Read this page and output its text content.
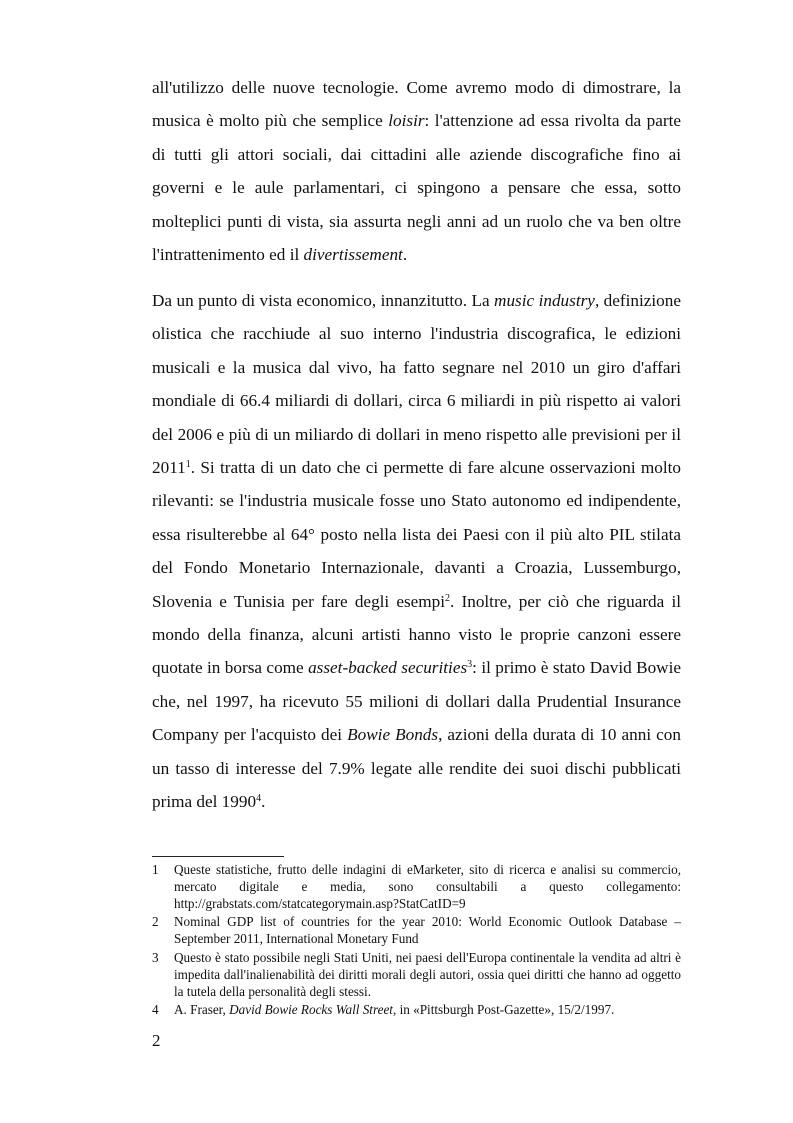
all'utilizzo delle nuove tecnologie. Come avremo modo di dimostrare, la musica è molto più che semplice loisir: l'attenzione ad essa rivolta da parte di tutti gli attori sociali, dai cittadini alle aziende discografiche fino ai governi e le aule parlamentari, ci spingono a pensare che essa, sotto molteplici punti di vista, sia assurta negli anni ad un ruolo che va ben oltre l'intrattenimento ed il divertissement.

Da un punto di vista economico, innanzitutto. La music industry, definizione olistica che racchiude al suo interno l'industria discografica, le edizioni musicali e la musica dal vivo, ha fatto segnare nel 2010 un giro d'affari mondiale di 66.4 miliardi di dollari, circa 6 miliardi in più rispetto ai valori del 2006 e più di un miliardo di dollari in meno rispetto alle previsioni per il 2011$^1$. Si tratta di un dato che ci permette di fare alcune osservazioni molto rilevanti: se l'industria musicale fosse uno Stato autonomo ed indipendente, essa risulterebbe al 64° posto nella lista dei Paesi con il più alto PIL stilata del Fondo Monetario Internazionale, davanti a Croazia, Lussemburgo, Slovenia e Tunisia per fare degli esempi$^2$. Inoltre, per ciò che riguarda il mondo della finanza, alcuni artisti hanno visto le proprie canzoni essere quotate in borsa come asset-backed securities$^3$: il primo è stato David Bowie che, nel 1997, ha ricevuto 55 milioni di dollari dalla Prudential Insurance Company per l'acquisto dei Bowie Bonds, azioni della durata di 10 anni con un tasso di interesse del 7.9% legate alle rendite dei suoi dischi pubblicati prima del 1990$^4$.

1	Queste statistiche, frutto delle indagini di eMarketer, sito di ricerca e analisi su commercio, mercato digitale e media, sono consultabili a questo collegamento: http://grabstats.com/statcategorymain.asp?StatCatID=9
2	Nominal GDP list of countries for the year 2010: World Economic Outlook Database – September 2011, International Monetary Fund
3	Questo è stato possibile negli Stati Uniti, nei paesi dell'Europa continentale la vendita ad altri è impedita dall'inalienabilità dei diritti morali degli autori, ossia quei diritti che hanno ad oggetto la tutela della personalità degli stessi.
4	A. Fraser, David Bowie Rocks Wall Street, in «Pittsburgh Post-Gazette», 15/2/1997.
2
